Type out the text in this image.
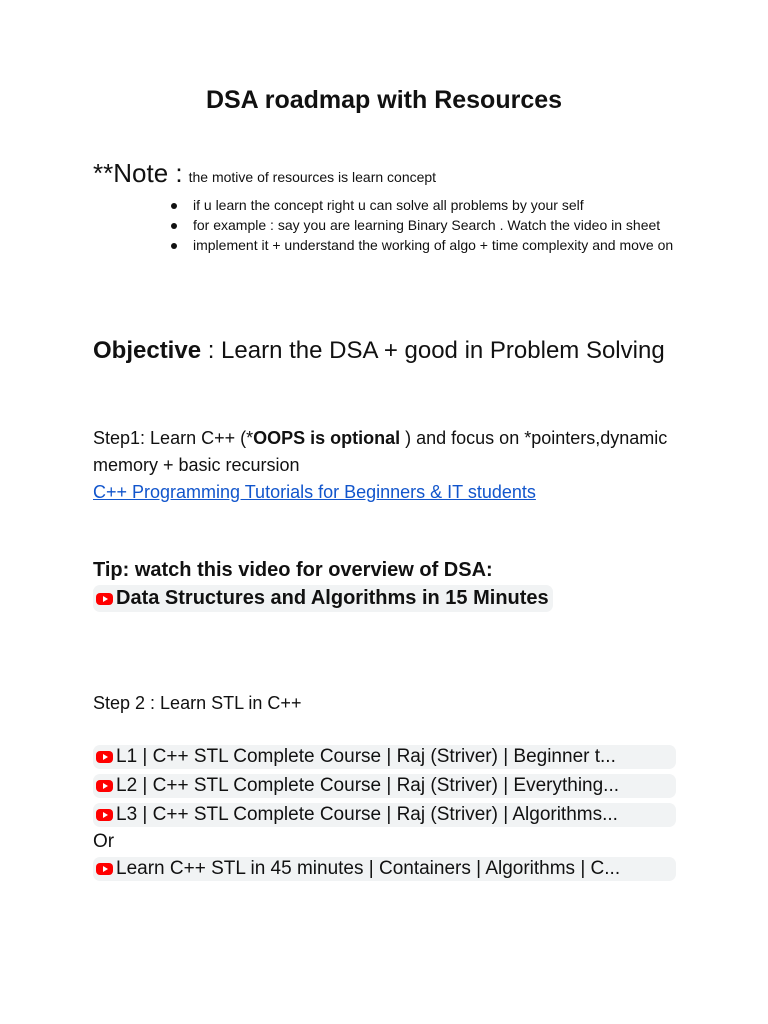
DSA roadmap with Resources
**Note : the motive of resources is learn concept
if u learn the concept right u can solve all problems by your self
for example : say you are learning Binary Search . Watch the video in sheet
implement it + understand the working of algo + time complexity and move on
Objective : Learn the DSA + good in Problem Solving
Step1: Learn C++ (*OOPS is optional ) and focus on *pointers,dynamic memory + basic recursion
C++ Programming Tutorials for Beginners & IT students
Tip: watch this video for overview of DSA:
Data Structures and Algorithms in 15 Minutes
Step 2 : Learn STL in C++
L1 | C++ STL Complete Course | Raj (Striver) | Beginner t...
L2 | C++ STL Complete Course | Raj (Striver) | Everything...
L3 | C++ STL Complete Course | Raj (Striver) | Algorithms...
Or
Learn C++ STL in 45 minutes | Containers | Algorithms | C...
